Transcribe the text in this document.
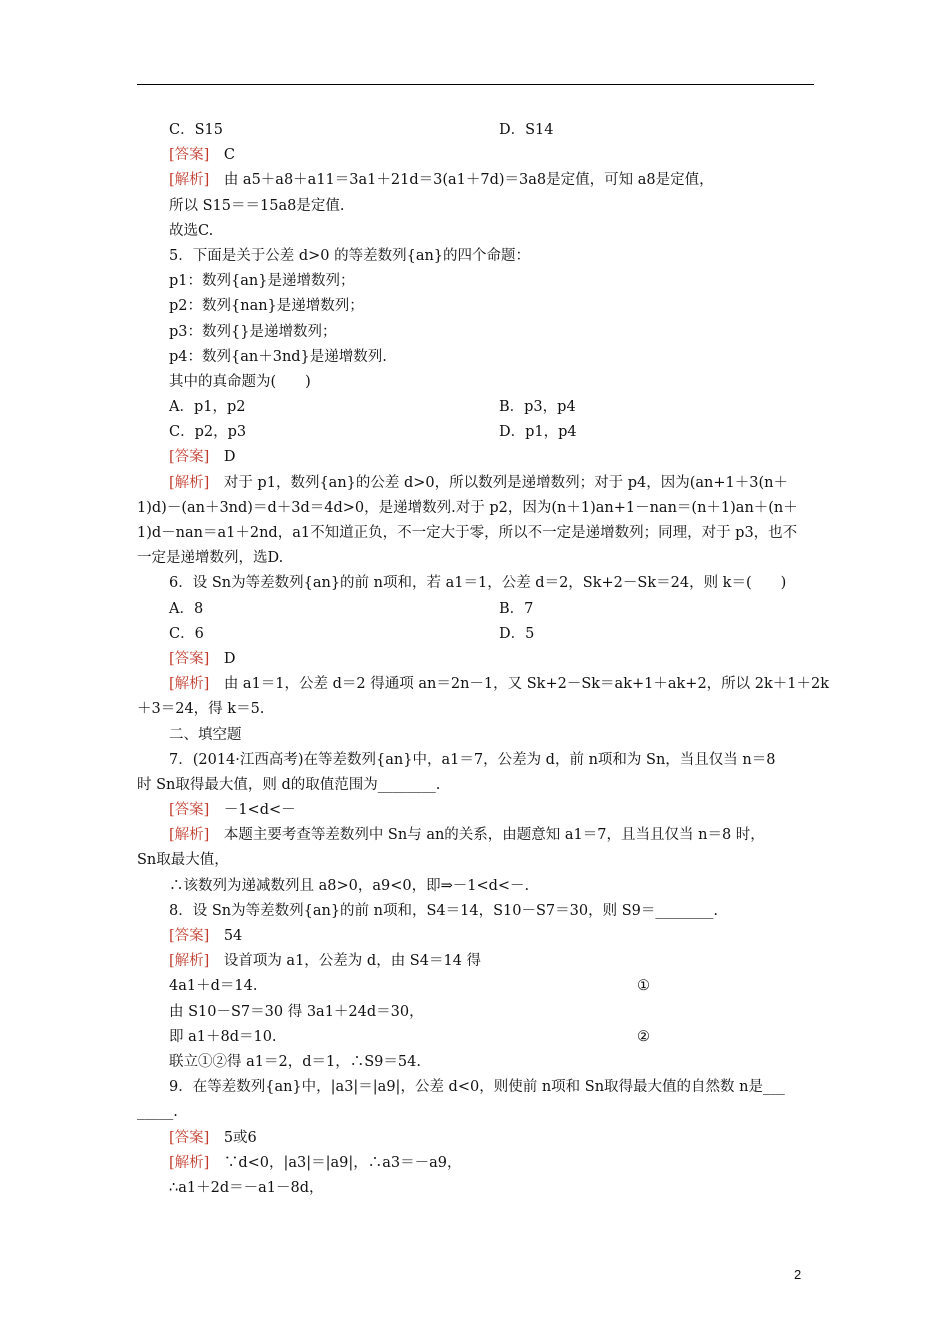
C．S15	D．S14
[答案]　C
[解析]　由 a5＋a8＋a11＝3a1＋21d＝3(a1＋7d)＝3a8是定值，可知 a8是定值，
所以 S15＝＝15a8是定值.
故选C.
5．下面是关于公差 d>0 的等差数列{an}的四个命题：
p1：数列{an}是递增数列；
p2：数列{nan}是递增数列；
p3：数列{}是递增数列；
p4：数列{an＋3nd}是递增数列.
其中的真命题为(　　)
A．p1，p2	B．p3，p4
C．p2，p3	D．p1，p4
[答案]　D
[解析]　对于 p1，数列{an}的公差 d>0，所以数列是递增数列；对于 p4，因为(an+1＋3(n＋
1)d)－(an＋3nd)＝d＋3d＝4d>0，是递增数列.对于 p2，因为(n＋1)an+1－nan＝(n＋1)an＋(n＋
1)d－nan＝a1＋2nd，a1不知道正负，不一定大于零，所以不一定是递增数列；同理，对于 p3，也不
一定是递增数列，选D.
6．设 Sn为等差数列{an}的前 n项和，若 a1＝1，公差 d＝2，Sk+2－Sk＝24，则 k＝(　　)
A．8	B．7
C．6	D．5
[答案]　D
[解析]　由 a1＝1，公差 d＝2 得通项 an＝2n－1，又 Sk+2－Sk＝ak+1＋ak+2，所以 2k＋1＋2k
＋3＝24，得 k＝5.
二、填空题
7．(2014·江西高考)在等差数列{an}中，a1＝7，公差为 d，前 n项和为 Sn，当且仅当 n＝8
时 Sn取得最大值，则 d的取值范围为________.
[答案]　－1<d<－
[解析]　本题主要考查等差数列中 Sn与 an的关系，由题意知 a1＝7，且当且仅当 n＝8 时，
Sn取最大值，
∴该数列为递减数列且 a8>0，a9<0，即⇒－1<d<－.
8．设 Sn为等差数列{an}的前 n项和，S4＝14，S10－S7＝30，则 S9＝________.
[答案]　54
[解析]　设首项为 a1，公差为 d，由 S4＝14 得
4a1＋d＝14.	①
由 S10－S7＝30 得 3a1＋24d＝30，
即 a1＋8d＝10.	②
联立①②得 a1＝2，d＝1，∴S9＝54.
9．在等差数列{an}中，|a3|＝|a9|，公差 d<0，则使前 n项和 Sn取得最大值的自然数 n是___
_____.
[答案]　5或6
[解析]　∵d<0，|a3|＝|a9|，∴a3＝－a9，
∴a1＋2d＝－a1－8d，
2
